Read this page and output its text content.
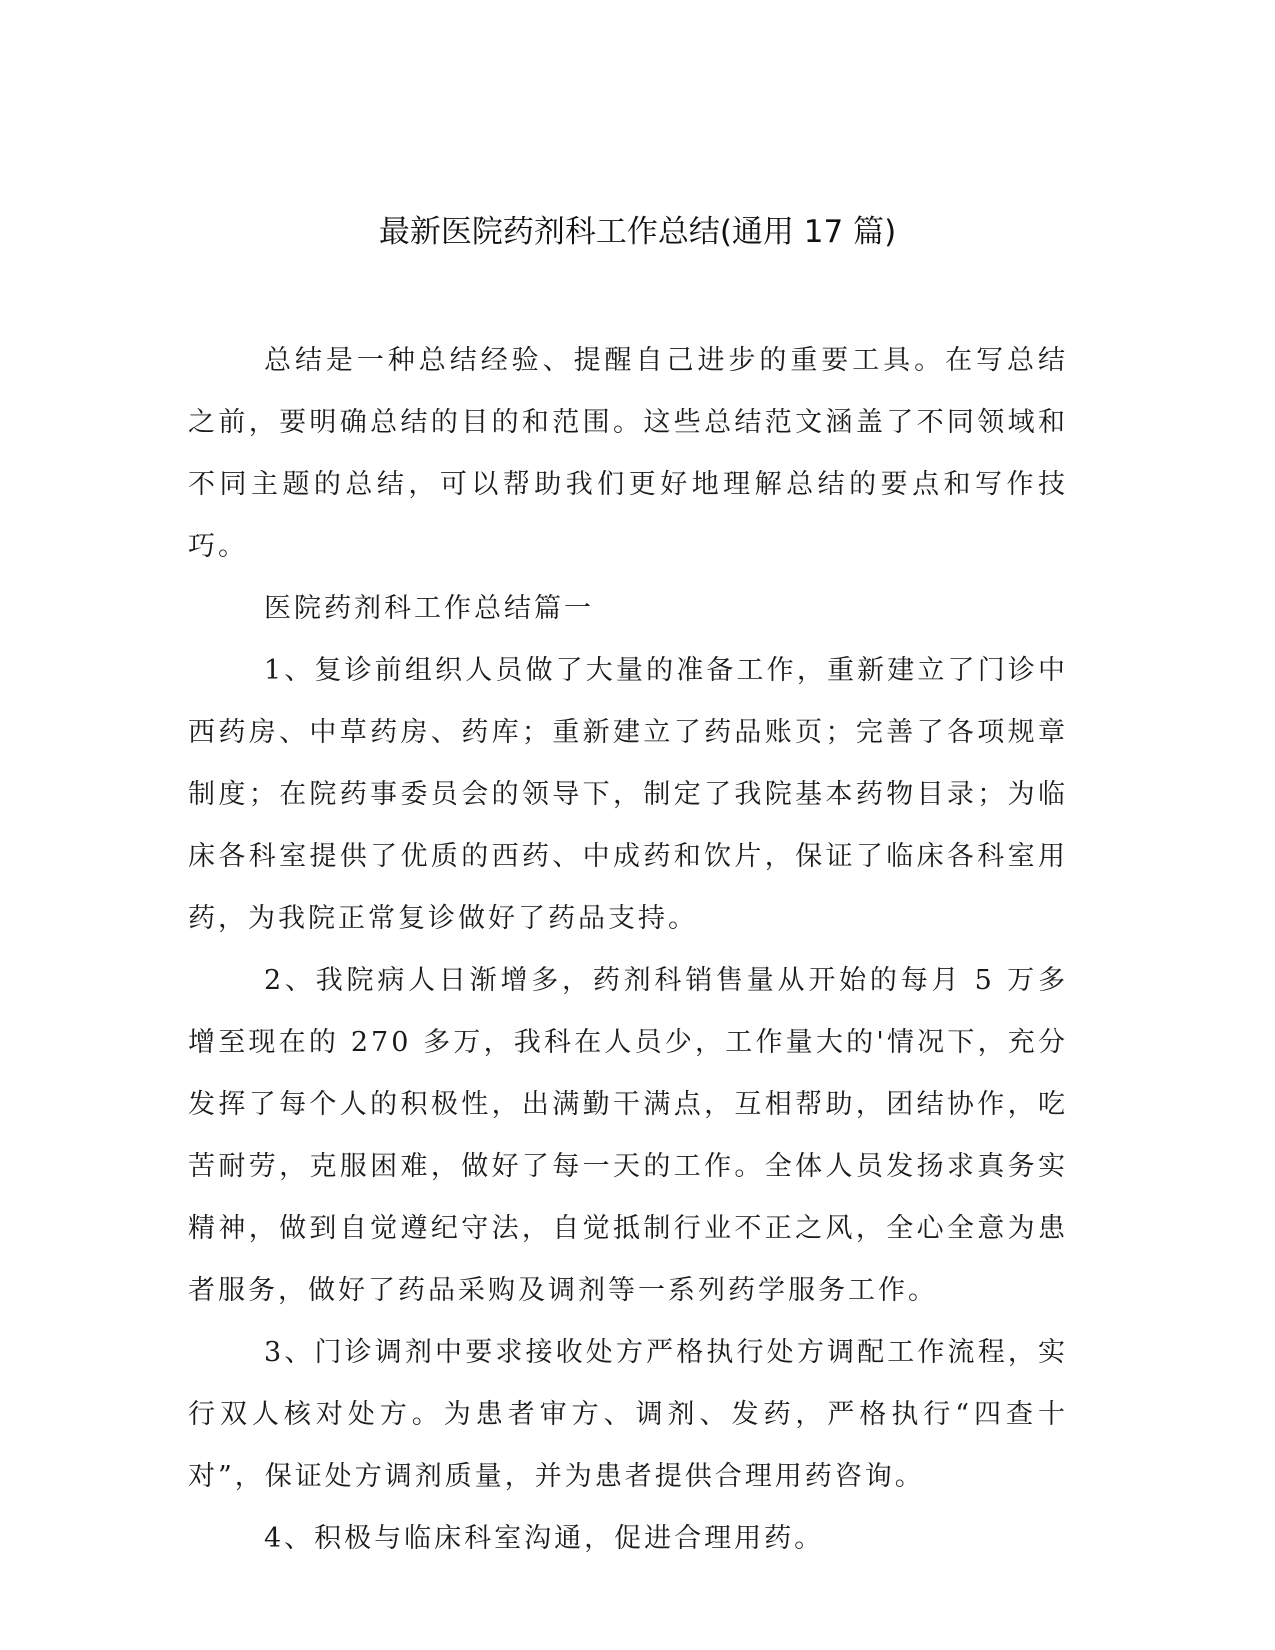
最新医院药剂科工作总结(通用 17 篇)

总结是一种总结经验、提醒自己进步的重要工具。在写总结之前，要明确总结的目的和范围。这些总结范文涵盖了不同领域和不同主题的总结，可以帮助我们更好地理解总结的要点和写作技巧。

医院药剂科工作总结篇一

1、复诊前组织人员做了大量的准备工作，重新建立了门诊中西药房、中草药房、药库；重新建立了药品账页；完善了各项规章制度；在院药事委员会的领导下，制定了我院基本药物目录；为临床各科室提供了优质的西药、中成药和饮片，保证了临床各科室用药，为我院正常复诊做好了药品支持。

2、我院病人日渐增多，药剂科销售量从开始的每月 5 万多增至现在的 270 多万，我科在人员少，工作量大的'情况下，充分发挥了每个人的积极性，出满勤干满点，互相帮助，团结协作，吃苦耐劳，克服困难，做好了每一天的工作。全体人员发扬求真务实精神，做到自觉遵纪守法，自觉抵制行业不正之风，全心全意为患者服务，做好了药品采购及调剂等一系列药学服务工作。

3、门诊调剂中要求接收处方严格执行处方调配工作流程，实行双人核对处方。为患者审方、调剂、发药，严格执行“四查十对”，保证处方调剂质量，并为患者提供合理用药咨询。

4、积极与临床科室沟通，促进合理用药。
